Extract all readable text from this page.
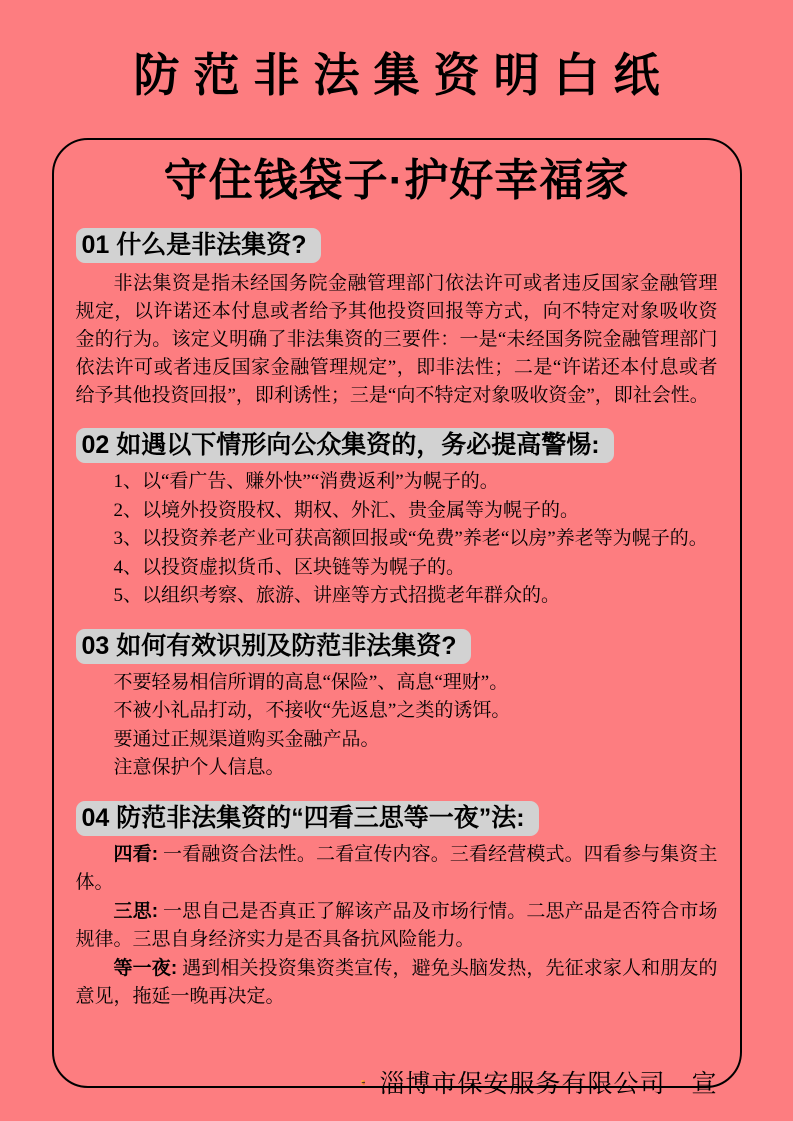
防范非法集资明白纸
守住钱袋子·护好幸福家
01 什么是非法集资?

非法集资是指未经国务院金融管理部门依法许可或者违反国家金融管理规定，以许诺还本付息或者给予其他投资回报等方式，向不特定对象吸收资金的行为。该定义明确了非法集资的三要件：一是“未经国务院金融管理部门依法许可或者违反国家金融管理规定”，即非法性；二是“许诺还本付息或者给予其他投资回报”，即利诱性；三是“向不特定对象吸收资金”，即社会性。

02 如遇以下情形向公众集资的，务必提高警惕:
1、以“看广告、赚外快”“消费返利”为幌子的。
2、以境外投资股权、期权、外汇、贵金属等为幌子的。
3、以投资养老产业可获高额回报或“免费”养老“以房”养老等为幌子的。
4、以投资虚拟货币、区块链等为幌子的。
5、以组织考察、旅游、讲座等方式招揽老年群众的。
03 如何有效识别及防范非法集资?
不要轻易相信所谓的高息“保险”、高息“理财”。
不被小礼品打动，不接收“先返息”之类的诱饵。
要通过正规渠道购买金融产品。
注意保护个人信息。
04 防范非法集资的“四看三思等一夜”法:

四看: 一看融资合法性。二看宣传内容。三看经营模式。四看参与集资主体。

三思: 一思自己是否真正了解该产品及市场行情。二思产品是否符合市场规律。三思自身经济实力是否具备抗风险能力。

等一夜: 遇到相关投资集资类宣传，避免头脑发热，先征求家人和朋友的意见，拖延一晚再决定。

淄博市保安服务有限公司　宣
